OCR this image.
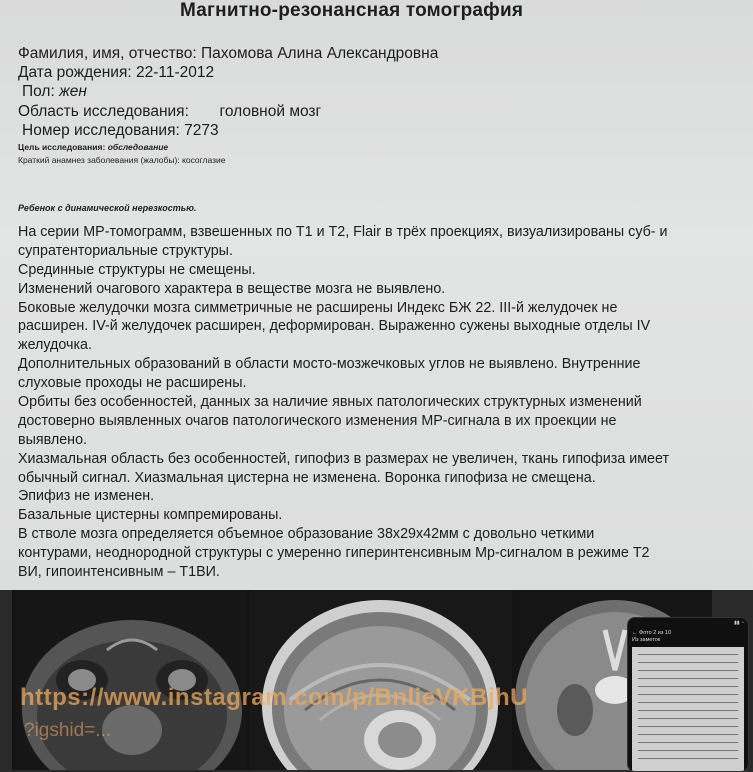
Магнитно-резонансная томография
Фамилия, имя, отчество: Пахомова Алина Александровна
Дата рождения: 22-11-2012
Пол: жен
Область исследования: головной мозг
Номер исследования: 7273
Цель исследования: обследование
Краткий анамнез заболевания (жалобы): косоглазие
Ребенок с динамической нерезкостью.
На серии МР-томограмм, взвешенных по Т1 и Т2, Flair в трёх проекциях, визуализированы суб- и
супратенториальные структуры.
Срединные структуры не смещены.
Изменений очагового характера в веществе мозга не выявлено.
Боковые желудочки мозга симметричные не расширены Индекс БЖ 22. III-й желудочек не
расширен. IV-й желудочек расширен, деформирован. Выраженно сужены выходные отделы IV
желудочка.
Дополнительных образований в области мосто-мозжечковых углов не выявлено. Внутренние
слуховые проходы не расширены.
Орбиты без особенностей, данных за наличие явных патологических структурных изменений
достоверно выявленных очагов патологического изменения МР-сигнала в их проекции не
выявлено.
Хиазмальная область без особенностей, гипофиз в размерах не увеличен, ткань гипофиза имеет
обычный сигнал. Хиазмальная цистерна не изменена. Воронка гипофиза не смещена.
Эпифиз не изменен.
Базальные цистерны компремированы.
В стволе мозга определяется объемное образование 38х29х42мм с довольно четкими
контурами, неоднородной структуры с умеренно гиперинтенсивным Мр-сигналом в режиме Т2
ВИ, гипоинтенсивным – Т1ВИ.
https://www.instagram.com/p/BnlieVKBjhU
?igshid=...
▮▮ ◔
← Фото 2 из 10
Из заметок
